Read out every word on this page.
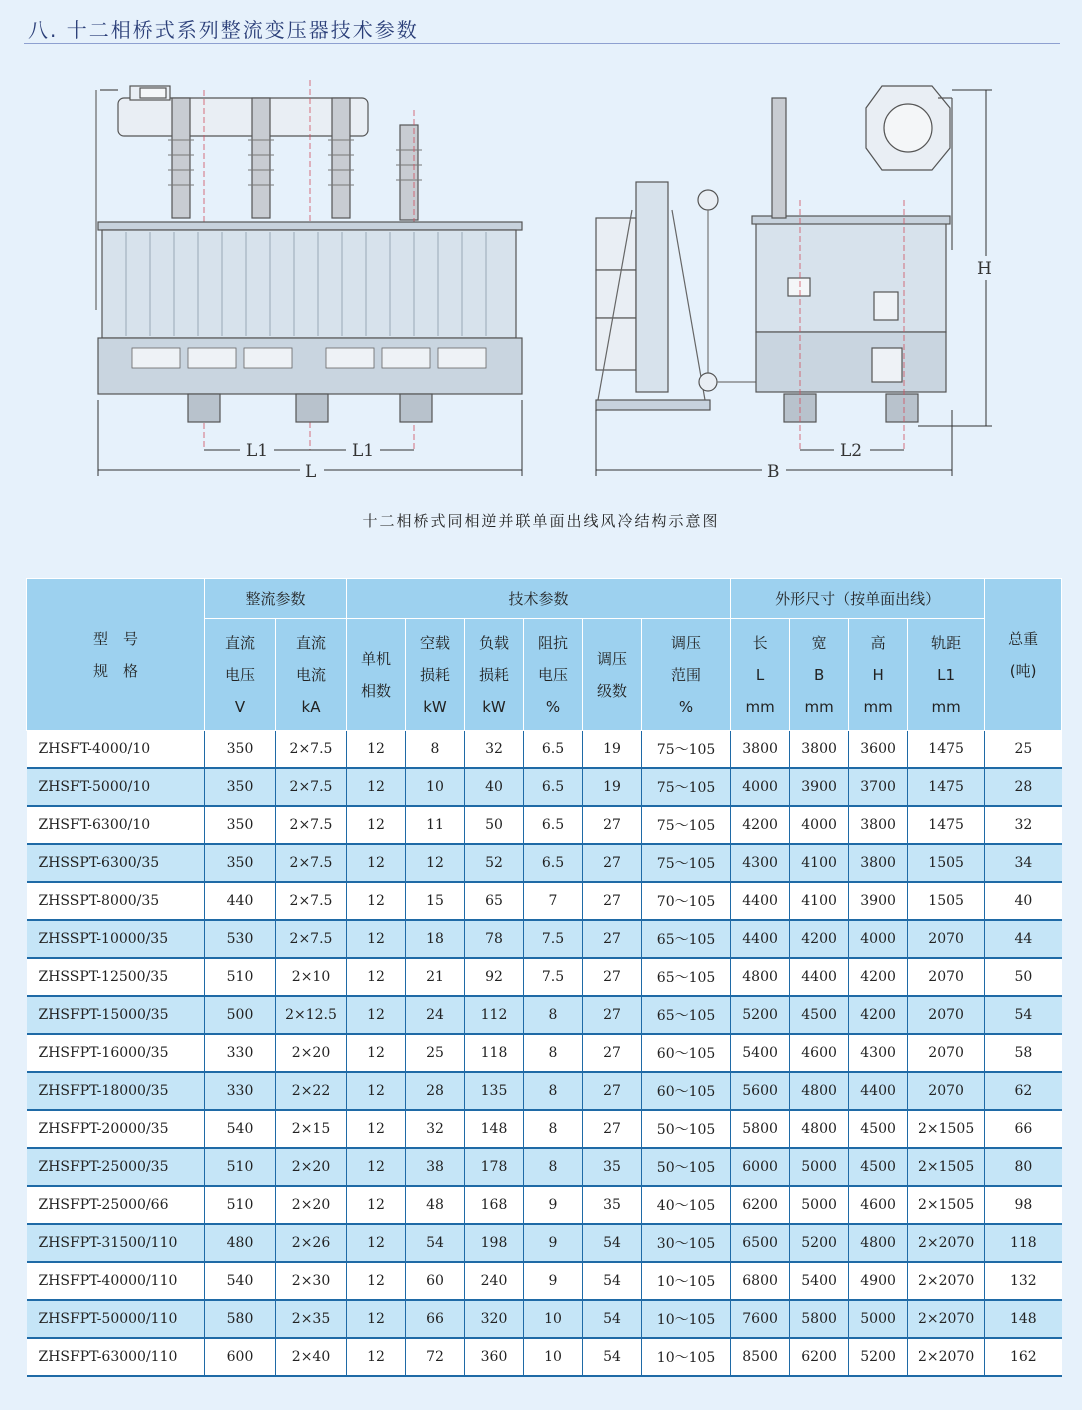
八. 十二相桥式系列整流变压器技术参数
L1	L1
L	B
L2
H
十二相桥式同相逆并联单面出线风冷结构示意图
型　号
规　格	整流参数		技术参数						外形尺寸（按单面出线）				总重
(吨)

	直流
电压
V	直流
电流
kA	单机
相数	空载
损耗
kW	负载
损耗
kW	阻抗
电压
%	调压
级数	调压
范围
%	长
L
mm	宽
B
mm	高
H
mm	轨距
L1
mm	

ZHSFT-4000/10	350	2×7.5	12	8	32	6.5	19	75～105	3800	3800	3600	1475	25
ZHSFT-5000/10	350	2×7.5	12	10	40	6.5	19	75～105	4000	3900	3700	1475	28
ZHSFT-6300/10	350	2×7.5	12	11	50	6.5	27	75～105	4200	4000	3800	1475	32
ZHSSPT-6300/35	350	2×7.5	12	12	52	6.5	27	75～105	4300	4100	3800	1505	34
ZHSSPT-8000/35	440	2×7.5	12	15	65	7	27	70～105	4400	4100	3900	1505	40
ZHSSPT-10000/35	530	2×7.5	12	18	78	7.5	27	65～105	4400	4200	4000	2070	44
ZHSSPT-12500/35	510	2×10	12	21	92	7.5	27	65～105	4800	4400	4200	2070	50
ZHSFPT-15000/35	500	2×12.5	12	24	112	8	27	65～105	5200	4500	4200	2070	54
ZHSFPT-16000/35	330	2×20	12	25	118	8	27	60～105	5400	4600	4300	2070	58
ZHSFPT-18000/35	330	2×22	12	28	135	8	27	60～105	5600	4800	4400	2070	62
ZHSFPT-20000/35	540	2×15	12	32	148	8	27	50～105	5800	4800	4500	2×1505	66
ZHSFPT-25000/35	510	2×20	12	38	178	8	35	50～105	6000	5000	4500	2×1505	80
ZHSFPT-25000/66	510	2×20	12	48	168	9	35	40～105	6200	5000	4600	2×1505	98
ZHSFPT-31500/110	480	2×26	12	54	198	9	54	30～105	6500	5200	4800	2×2070	118
ZHSFPT-40000/110	540	2×30	12	60	240	9	54	10～105	6800	5400	4900	2×2070	132
ZHSFPT-50000/110	580	2×35	12	66	320	10	54	10～105	7600	5800	5000	2×2070	148
ZHSFPT-63000/110	600	2×40	12	72	360	10	54	10～105	8500	6200	5200	2×2070	162
